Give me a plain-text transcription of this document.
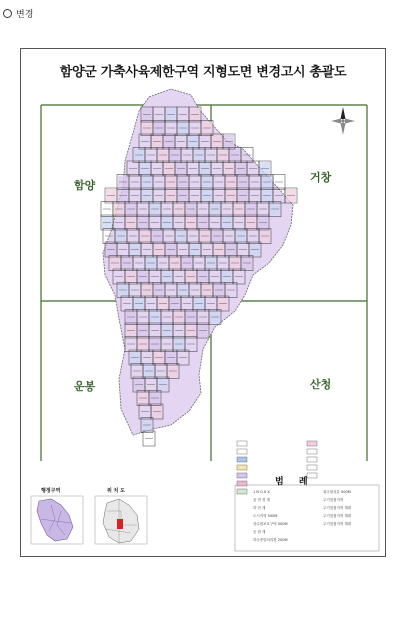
변경
함양군 가축사육제한구역 지형도면 변경고시 총괄도
함양
거창
운봉	산청
범 례
행정구역	위 치 도	1 N G X X
읍 면 경 계
하 천 계
도시지역 500M
상수원보호구역 500M
공 원 계
하수종말처리장 200M
취수원상류 500M
주거밀집지역
주거밀집지역 계획
주거밀집지역 계획
주거밀집지역 계획
